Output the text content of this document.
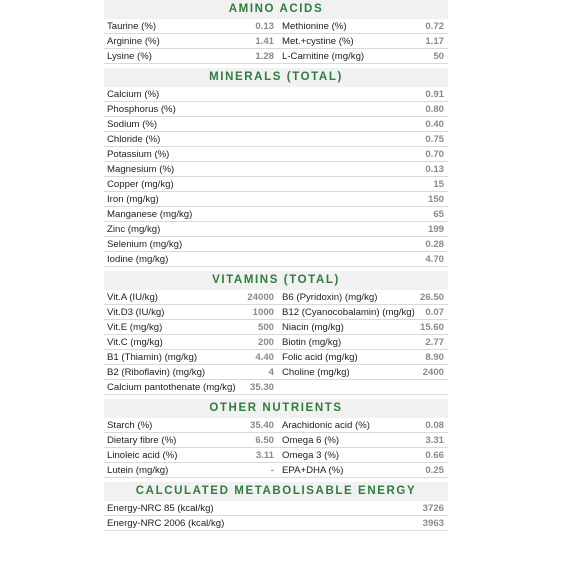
AMINO ACIDS
Taurine (%)	0.13 Methionine (%)	0.72
Arginine (%)	1.41 Met.+cystine (%)	1.17
Lysine (%)	1.28 L-Carnitine (mg/kg)	50
MINERALS (TOTAL)
Calcium (%)	0.91
Phosphorus (%)	0.80
Sodium (%)	0.40
Chloride (%)	0.75
Potassium (%)	0.70
Magnesium (%)	0.13
Copper (mg/kg)	15
Iron (mg/kg)	150
Manganese (mg/kg)	65
Zinc (mg/kg)	199
Selenium (mg/kg)	0.28
Iodine (mg/kg)	4.70
VITAMINS (TOTAL)
Vit.A (IU/kg)	24000 B6 (Pyridoxin) (mg/kg)	26.50
Vit.D3 (IU/kg)	1000 B12 (Cyanocobalamin) (mg/kg) 0.07
Vit.E (mg/kg)	500 Niacin (mg/kg)	15.60
Vit.C (mg/kg)	200 Biotin (mg/kg)	2.77
B1 (Thiamin) (mg/kg)	4.40 Folic acid (mg/kg)	8.90
B2 (Riboflavin) (mg/kg)	4 Choline (mg/kg)	2400
Calcium pantothenate (mg/kg) 35.30
OTHER NUTRIENTS
Starch (%)	35.40 Arachidonic acid (%)	0.08
Dietary fibre (%)	6.50 Omega 6 (%)	3.31
Linoleic acid (%)	3.11 Omega 3 (%)	0.66
Lutein (mg/kg)	- EPA+DHA (%)	0.25
CALCULATED METABOLISABLE ENERGY
Energy-NRC 85 (kcal/kg)	3726
Energy-NRC 2006 (kcal/kg)	3963
